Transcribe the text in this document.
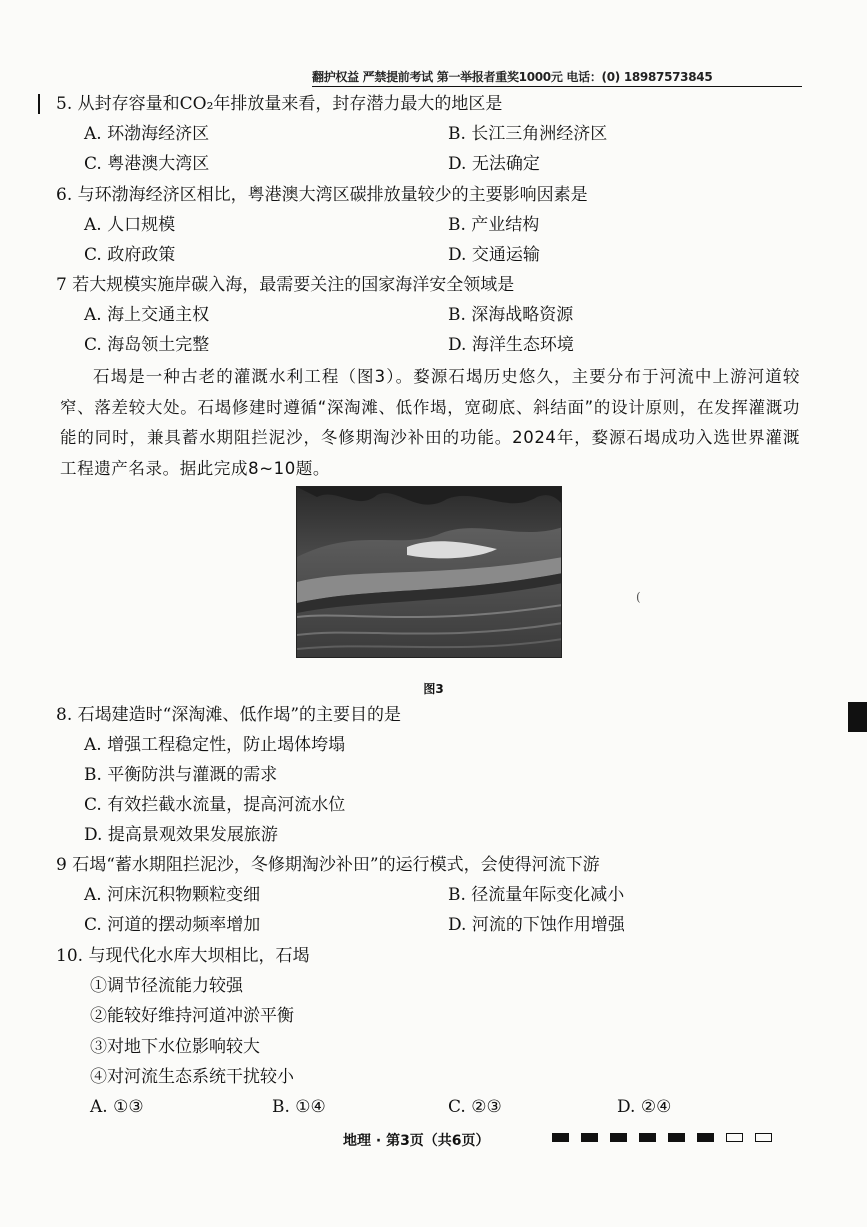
翻护权益 严禁提前考试 第一举报者重奖1000元 电话：(0) 18987573845
5. 从封存容量和CO₂年排放量来看，封存潜力最大的地区是
A. 环渤海经济区	B. 长江三角洲经济区
C. 粤港澳大湾区	D. 无法确定
6. 与环渤海经济区相比，粤港澳大湾区碳排放量较少的主要影响因素是
A. 人口规模	B. 产业结构
C. 政府政策	D. 交通运输
7 若大规模实施岸碳入海，最需要关注的国家海洋安全领域是
A. 海上交通主权	B. 深海战略资源
C. 海岛领土完整	D. 海洋生态环境
石堨是一种古老的灌溉水利工程（图3）。婺源石堨历史悠久，主要分布于河流中上游河道较窄、落差较大处。石堨修建时遵循“深淘滩、低作堨，宽砌底、斜结面”的设计原则，在发挥灌溉功能的同时，兼具蓄水期阻拦泥沙，冬修期淘沙补田的功能。2024年，婺源石堨成功入选世界灌溉工程遗产名录。据此完成8~10题。
(
图3
8. 石堨建造时“深淘滩、低作堨”的主要目的是
A. 增强工程稳定性，防止堨体垮塌
B. 平衡防洪与灌溉的需求
C. 有效拦截水流量，提高河流水位
D. 提高景观效果发展旅游
9 石堨“蓄水期阻拦泥沙，冬修期淘沙补田”的运行模式，会使得河流下游
A. 河床沉积物颗粒变细	B. 径流量年际变化减小
C. 河道的摆动频率增加	D. 河流的下蚀作用增强
10. 与现代化水库大坝相比，石堨
①调节径流能力较强
②能较好维持河道冲淤平衡
③对地下水位影响较大
④对河流生态系统干扰较小
A. ①③	B. ①④	C. ②③	D. ②④
地理 · 第3页（共6页）
